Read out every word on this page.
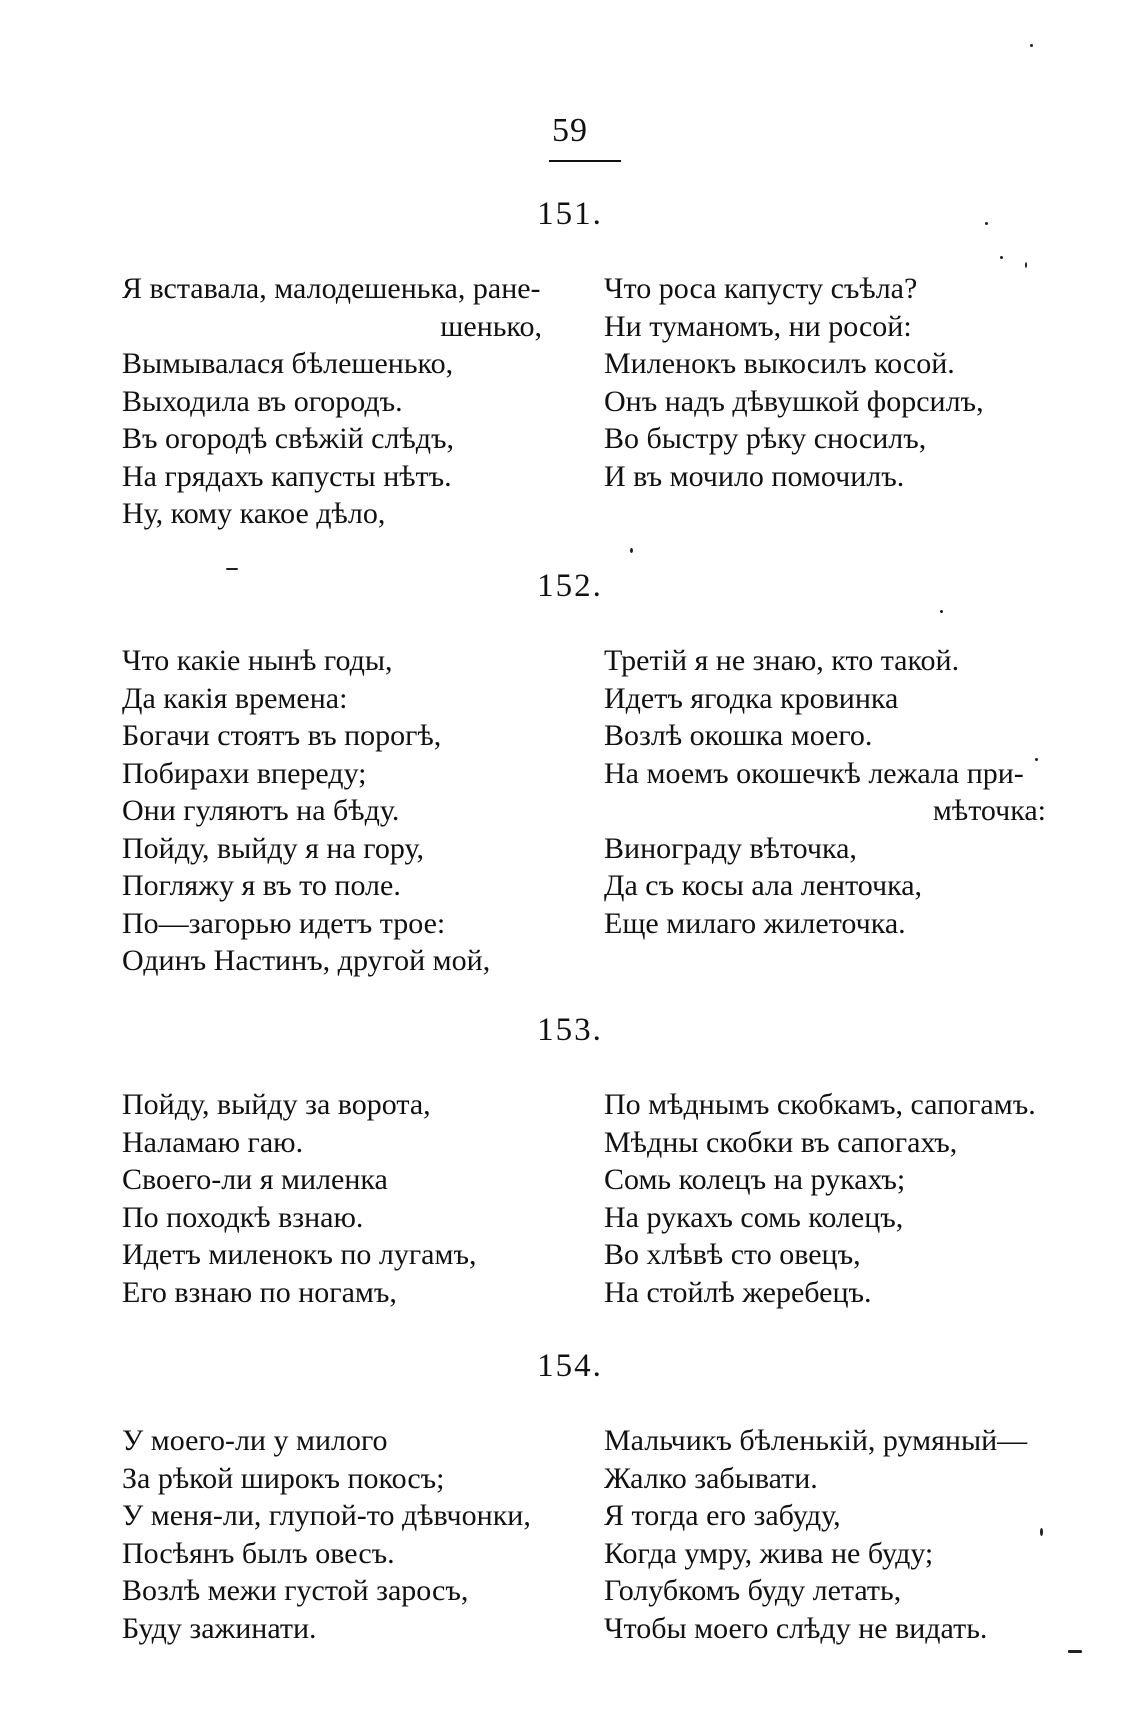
59
151.
Я вставала, малодешенька, ране-
шенько,
Вымывалася бѣлешенько,
Выходила въ огородъ.
Въ огородѣ свѣжій слѣдъ,
На грядахъ капусты нѣтъ.
Ну, кому какое дѣло,
Что роса капусту съѣла?
Ни туманомъ, ни росой:
Миленокъ выкосилъ косой.
Онъ надъ дѣвушкой форсилъ,
Во быстру рѣку сносилъ,
И въ мочило помочилъ.
152.
Что какіе нынѣ годы,
Да какія времена:
Богачи стоятъ въ порогѣ,
Побирахи впереду;
Они гуляютъ на бѣду.
Пойду, выйду я на гору,
Погляжу я въ то поле.
По—загорью идетъ трое:
Одинъ Настинъ, другой мой,
Третій я не знаю, кто такой.
Идетъ ягодка кровинка
Возлѣ окошка моего.
На моемъ окошечкѣ лежала при-
мѣточка:
Винограду вѣточка,
Да съ косы ала ленточка,
Еще милаго жилеточка.
153.
Пойду, выйду за ворота,
Наламаю гаю.
Своего-ли я миленка
По походкѣ взнаю.
Идетъ миленокъ по лугамъ,
Его взнаю по ногамъ,
По мѣднымъ скобкамъ, сапогамъ.
Мѣдны скобки въ сапогахъ,
Сомь колецъ на рукахъ;
На рукахъ сомь колецъ,
Во хлѣвѣ сто овецъ,
На стойлѣ жеребецъ.
154.
У моего-ли у милого
За рѣкой широкъ покосъ;
У меня-ли, глупой-то дѣвчонки,
Посѣянъ былъ овесъ.
Возлѣ межи густой заросъ,
Буду зажинати.
Мальчикъ бѣленькій, румяный—
Жалко забывати.
Я тогда его забуду,
Когда умру, жива не буду;
Голубкомъ буду летать,
Чтобы моего слѣду не видать.
